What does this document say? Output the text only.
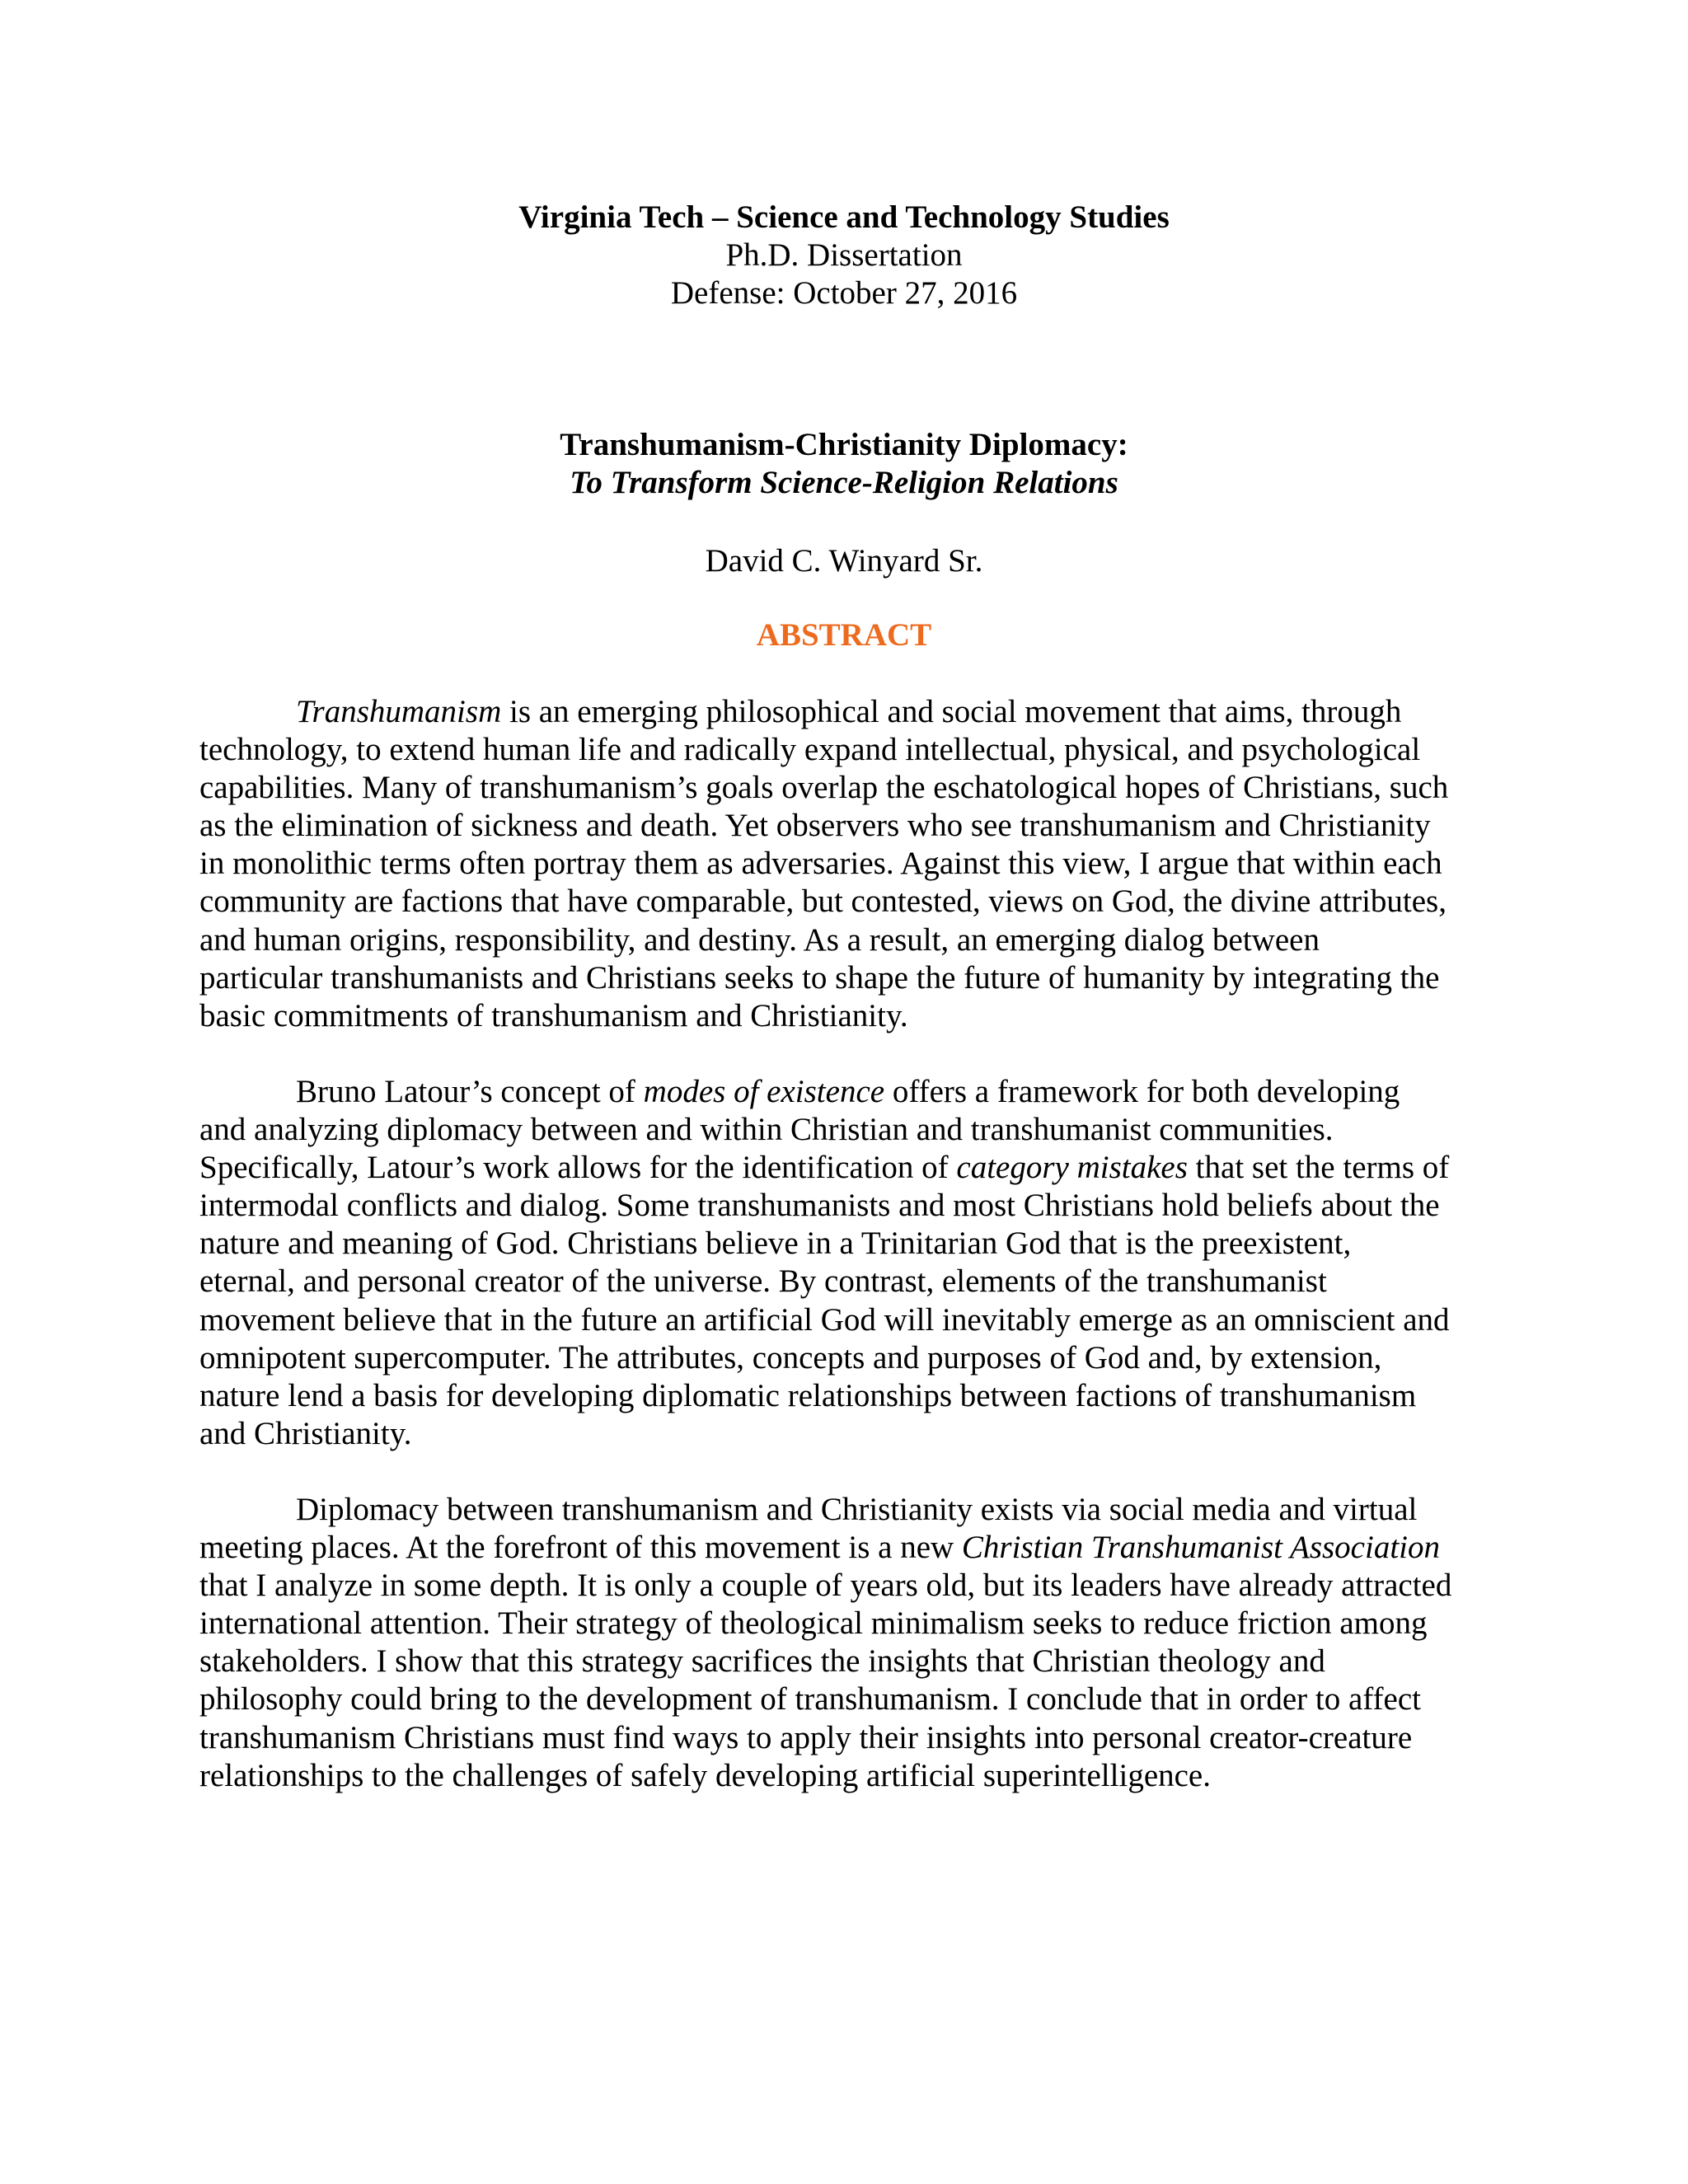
Virginia Tech – Science and Technology Studies
Ph.D. Dissertation
Defense: October 27, 2016
Transhumanism-Christianity Diplomacy:
To Transform Science-Religion Relations
David C. Winyard Sr.
ABSTRACT
Transhumanism is an emerging philosophical and social movement that aims, through
technology, to extend human life and radically expand intellectual, physical, and psychological
capabilities. Many of transhumanism’s goals overlap the eschatological hopes of Christians, such
as the elimination of sickness and death. Yet observers who see transhumanism and Christianity
in monolithic terms often portray them as adversaries. Against this view, I argue that within each
community are factions that have comparable, but contested, views on God, the divine attributes,
and human origins, responsibility, and destiny. As a result, an emerging dialog between
particular transhumanists and Christians seeks to shape the future of humanity by integrating the
basic commitments of transhumanism and Christianity.
Bruno Latour’s concept of modes of existence offers a framework for both developing
and analyzing diplomacy between and within Christian and transhumanist communities.
Specifically, Latour’s work allows for the identification of category mistakes that set the terms of
intermodal conflicts and dialog. Some transhumanists and most Christians hold beliefs about the
nature and meaning of God. Christians believe in a Trinitarian God that is the preexistent,
eternal, and personal creator of the universe. By contrast, elements of the transhumanist
movement believe that in the future an artificial God will inevitably emerge as an omniscient and
omnipotent supercomputer. The attributes, concepts and purposes of God and, by extension,
nature lend a basis for developing diplomatic relationships between factions of transhumanism
and Christianity.
Diplomacy between transhumanism and Christianity exists via social media and virtual
meeting places. At the forefront of this movement is a new Christian Transhumanist Association
that I analyze in some depth. It is only a couple of years old, but its leaders have already attracted
international attention. Their strategy of theological minimalism seeks to reduce friction among
stakeholders. I show that this strategy sacrifices the insights that Christian theology and
philosophy could bring to the development of transhumanism. I conclude that in order to affect
transhumanism Christians must find ways to apply their insights into personal creator-creature
relationships to the challenges of safely developing artificial superintelligence.
